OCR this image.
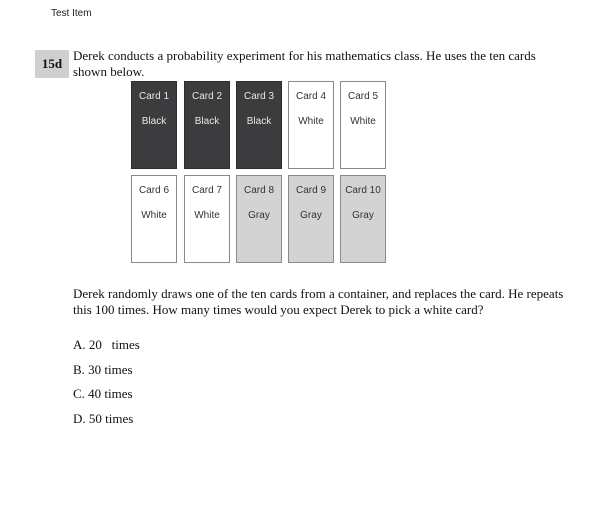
Test Item
15d
Derek conducts a probability experiment for his mathematics class. He uses the ten cards shown below.
Card 1
Black
Card 2
Black
Card 3
Black
Card 4
White
Card 5
White
Card 6
White
Card 7
White
Card 8
Gray
Card 9
Gray
Card 10
Gray
Derek randomly draws one of the ten cards from a container, and replaces the card. He repeats this 100 times. How many times would you expect Derek to pick a white card?
A. 20   times
B. 30 times
C. 40 times
D. 50 times
